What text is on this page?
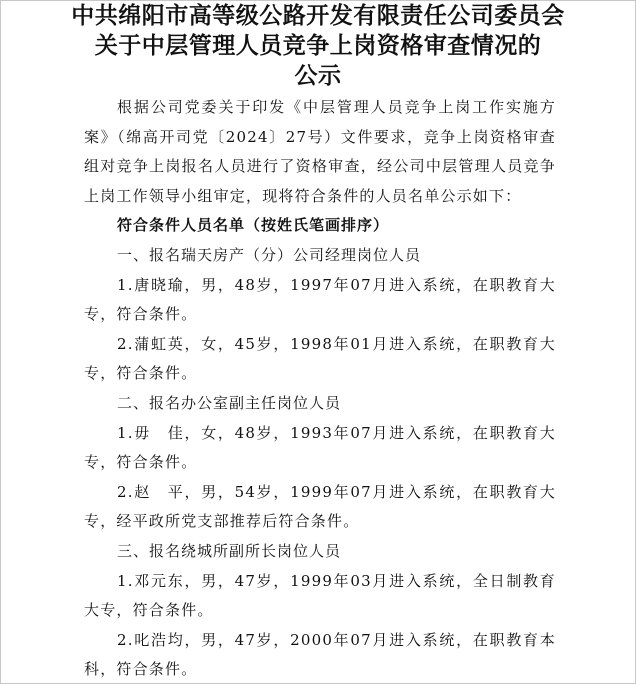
中共绵阳市高等级公路开发有限责任公司委员会
关于中层管理人员竞争上岗资格审查情况的
公示

根据公司党委关于印发《中层管理人员竞争上岗工作实施方案》（绵高开司党〔2024〕27号）文件要求，竞争上岗资格审查组对竞争上岗报名人员进行了资格审查，经公司中层管理人员竞争上岗工作领导小组审定，现将符合条件的人员名单公示如下：

符合条件人员名单（按姓氏笔画排序）

一、报名瑞天房产（分）公司经理岗位人员

1.唐晓瑜，男，48岁，1997年07月进入系统，在职教育大专，符合条件。

2.蒲虹英，女，45岁，1998年01月进入系统，在职教育大专，符合条件。

二、报名办公室副主任岗位人员

1.毋　佳，女，48岁，1993年07月进入系统，在职教育大专，符合条件。

2.赵　平，男，54岁，1999年07月进入系统，在职教育大专，经平政所党支部推荐后符合条件。

三、报名绕城所副所长岗位人员

1.邓元东，男，47岁，1999年03月进入系统，全日制教育大专，符合条件。

2.叱浩均，男，47岁，2000年07月进入系统，在职教育本科，符合条件。
